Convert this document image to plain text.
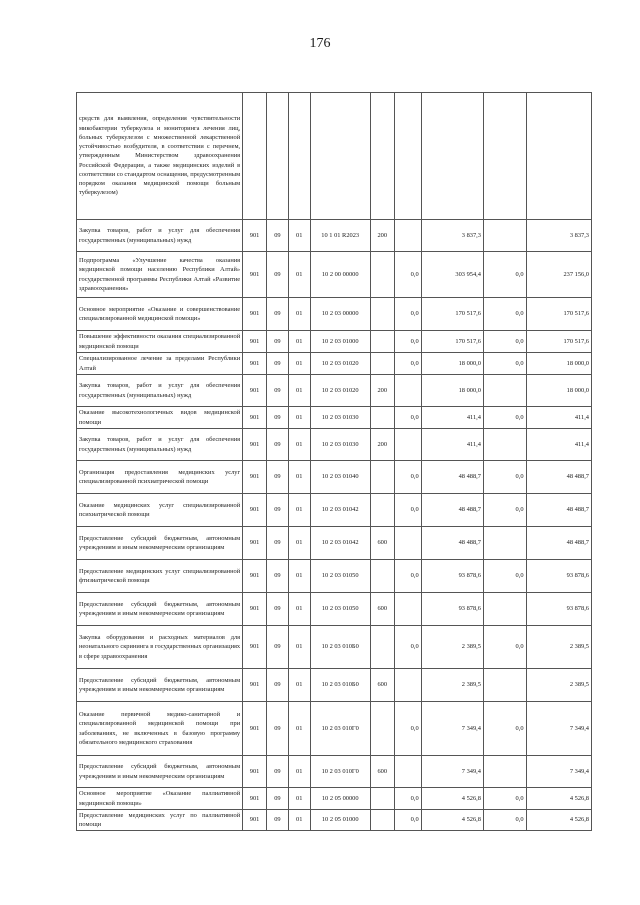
176
средств для выявления, определения чувствительности микобактерии туберкулеза и мониторинга лечения лиц, больных туберкулезом с множественной лекарственной устойчивостью возбудителя, в соответствии с перечнем, утвержденным Министерством здравоохранения Российской Федерации, а также медицинских изделий в соответствии со стандартом оснащения, предусмотренным порядком оказания медицинской помощи больным туберкулезом)									
Закупка товаров, работ и услуг для обеспечения государственных (муниципальных) нужд	901	09	01	10 1 01 R2023	200		3 837,3		3 837,3
Подпрограмма «Улучшение качества оказания медицинской помощи населению Республики Алтай» государственной программы Республики Алтай «Развитие здравоохранения»	901	09	01	10 2 00 00000		0,0	303 954,4	0,0	237 156,0
Основное мероприятие «Оказание и совершенствование специализированной медицинской помощи»	901	09	01	10 2 03 00000		0,0	170 517,6	0,0	170 517,6
Повышение эффективности оказания специализированной медицинской помощи	901	09	01	10 2 03 01000		0,0	170 517,6	0,0	170 517,6
Специализированное лечение за пределами Республики Алтай	901	09	01	10 2 03 01020		0,0	18 000,0	0,0	18 000,0
Закупка товаров, работ и услуг для обеспечения государственных (муниципальных) нужд	901	09	01	10 2 03 01020	200		18 000,0		18 000,0
Оказание высокотехнологичных видов медицинской помощи	901	09	01	10 2 03 01030		0,0	411,4	0,0	411,4
Закупка товаров, работ и услуг для обеспечения государственных (муниципальных) нужд	901	09	01	10 2 03 01030	200		411,4		411,4
Организация предоставления медицинских услуг специализированной психиатрической помощи	901	09	01	10 2 03 01040		0,0	48 488,7	0,0	48 488,7
Оказание медицинских услуг специализированной психиатрической помощи	901	09	01	10 2 03 01042		0,0	48 488,7	0,0	48 488,7
Предоставление субсидий бюджетным, автономным учреждениям и иным некоммерческим организациям	901	09	01	10 2 03 01042	600		48 488,7		48 488,7
Предоставление медицинских услуг специализированной фтизиатрической помощи	901	09	01	10 2 03 01050		0,0	93 878,6	0,0	93 878,6
Предоставление субсидий бюджетным, автономным учреждениям и иным некоммерческим организациям	901	09	01	10 2 03 01050	600		93 878,6		93 878,6
Закупка оборудования и расходных материалов для неонатального скрининга в государственных организациях в сфере здравоохранения	901	09	01	10 2 03 010Б0		0,0	2 389,5	0,0	2 389,5
Предоставление субсидий бюджетным, автономным учреждениям и иным некоммерческим организациям	901	09	01	10 2 03 010Б0	600		2 389,5		2 389,5
Оказание первичной медико-санитарной и специализированной медицинской помощи при заболеваниях, не включенных в базовую программу обязательного медицинского страхования	901	09	01	10 2 03 010Г0		0,0	7 349,4	0,0	7 349,4
Предоставление субсидий бюджетным, автономным учреждениям и иным некоммерческим организациям	901	09	01	10 2 03 010Г0	600		7 349,4		7 349,4
Основное мероприятие «Оказание паллиативной медицинской помощи»	901	09	01	10 2 05 00000		0,0	4 526,8	0,0	4 526,8
Предоставление медицинских услуг по паллиативной помощи	901	09	01	10 2 05 01000		0,0	4 526,8	0,0	4 526,8
